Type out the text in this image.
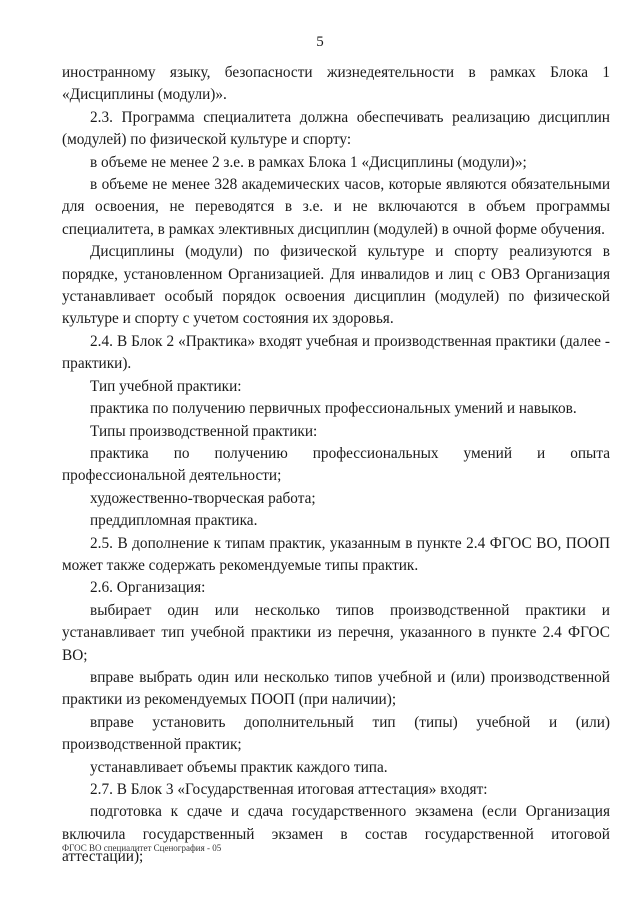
5

иностранному языку, безопасности жизнедеятельности в рамках Блока 1 «Дисциплины (модули)».

2.3. Программа специалитета должна обеспечивать реализацию дисциплин (модулей) по физической культуре и спорту:

в объеме не менее 2 з.е. в рамках Блока 1 «Дисциплины (модули)»;

в объеме не менее 328 академических часов, которые являются обязательными для освоения, не переводятся в з.е. и не включаются в объем программы специалитета, в рамках элективных дисциплин (модулей) в очной форме обучения.

Дисциплины (модули) по физической культуре и спорту реализуются в порядке, установленном Организацией. Для инвалидов и лиц с ОВЗ Организация устанавливает особый порядок освоения дисциплин (модулей) по физической культуре и спорту с учетом состояния их здоровья.

2.4. В Блок 2 «Практика» входят учебная и производственная практики (далее - практики).

Тип учебной практики:

практика по получению первичных профессиональных умений и навыков.

Типы производственной практики:

практика по получению профессиональных умений и опыта профессиональной деятельности;

художественно-творческая работа;

преддипломная практика.

2.5. В дополнение к типам практик, указанным в пункте 2.4 ФГОС ВО, ПООП может также содержать рекомендуемые типы практик.

2.6. Организация:

выбирает один или несколько типов производственной практики и устанавливает тип учебной практики из перечня, указанного в пункте 2.4 ФГОС ВО;

вправе выбрать один или несколько типов учебной и (или) производственной практики из рекомендуемых ПООП (при наличии);

вправе установить дополнительный тип (типы) учебной и (или) производственной практик;

устанавливает объемы практик каждого типа.

2.7. В Блок 3 «Государственная итоговая аттестация» входят:

подготовка к сдаче и сдача государственного экзамена (если Организация включила государственный экзамен в состав государственной итоговой аттестации);

ФГОС ВО специалитет Сценография - 05
